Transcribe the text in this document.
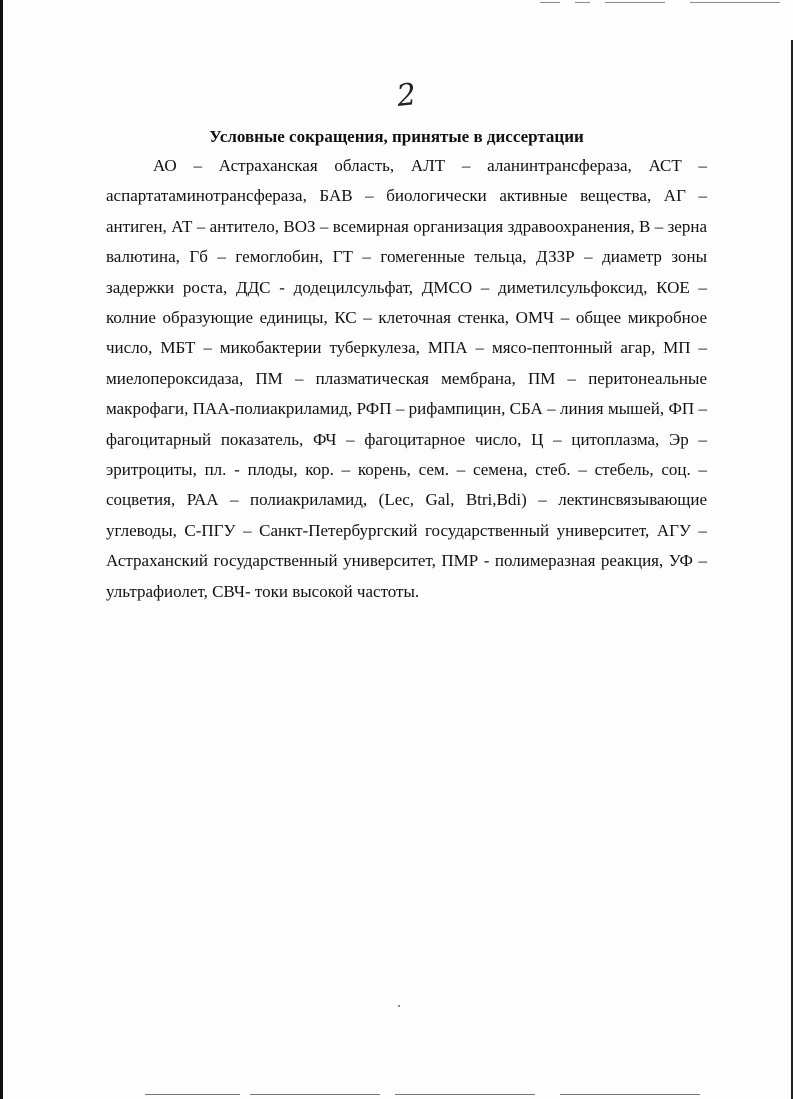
2
Условные сокращения, принятые в диссертации

АО – Астраханская область, АЛТ – аланинтрансфераза, АСТ – аспартатаминотрансфераза, БАВ – биологически активные вещества, АГ – антиген, АТ – антитело, ВОЗ – всемирная организация здравоохранения, В – зерна валютина, Гб – гемоглобин, ГТ – гомегенные тельца, ДЗЗР – диаметр зоны задержки роста, ДДС - додецилсульфат, ДМСО – диметилсульфоксид, КОЕ – колние образующие единицы, КС – клеточная стенка, ОМЧ – общее микробное число, МБТ – микобактерии туберкулеза, МПА – мясо-пептонный агар, МП – миелопероксидаза, ПМ – плазматическая мембрана, ПМ – перитонеальные макрофаги, ПАА-полиакриламид, РФП – рифампицин, СБА – линия мышей, ФП – фагоцитарный показатель, ФЧ – фагоцитарное число, Ц – цитоплазма, Эр – эритроциты, пл. - плоды, кор. – корень, сем. – семена, стеб. – стебель, соц. – соцветия, РАА – полиакриламид, (Lec, Gal, Btri,Bdi) – лектинсвязывающие углеводы, С-ПГУ – Санкт-Петербургский государственный университет, АГУ – Астраханский государственный университет, ПМР - полимеразная реакция, УФ – ультрафиолет, СВЧ- токи высокой частоты.
